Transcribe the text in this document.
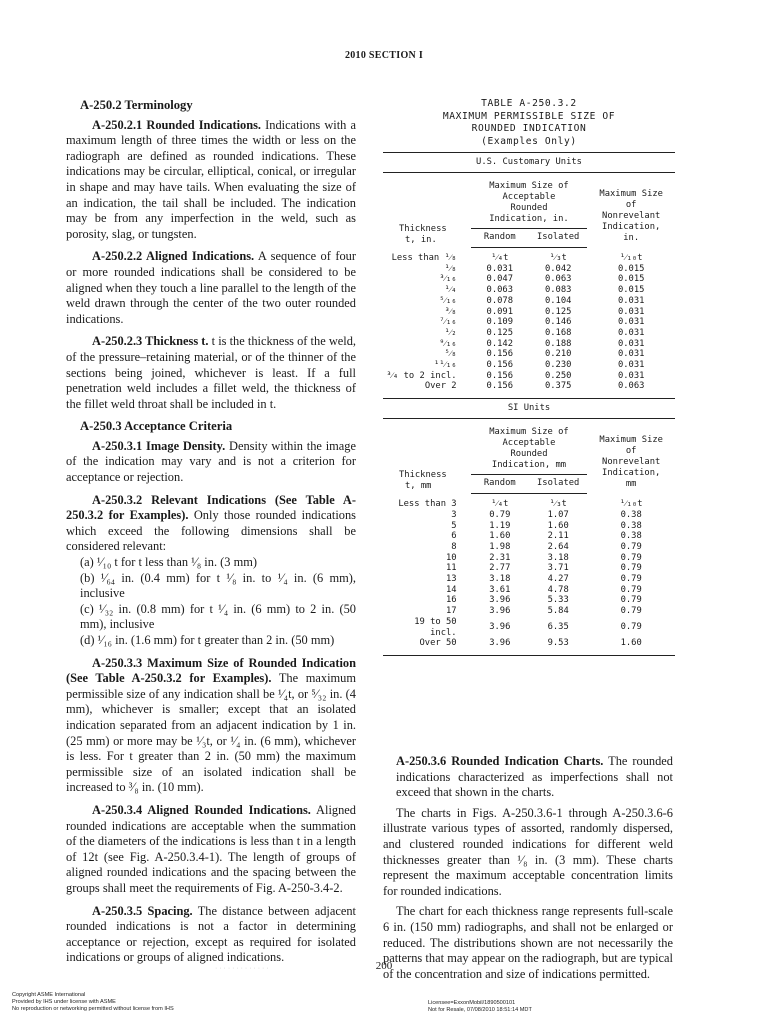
2010 SECTION I
A-250.2 Terminology

A-250.2.1 Rounded Indications. Indications with a maximum length of three times the width or less on the radiograph are defined as rounded indications. These indications may be circular, elliptical, conical, or irregular in shape and may have tails. When evaluating the size of an indication, the tail shall be included. The indication may be from any imperfection in the weld, such as porosity, slag, or tungsten.

A-250.2.2 Aligned Indications. A sequence of four or more rounded indications shall be considered to be aligned when they touch a line parallel to the length of the weld drawn through the center of the two outer rounded indications.

A-250.2.3 Thickness t. t is the thickness of the weld, of the pressure–retaining material, or of the thinner of the sections being joined, whichever is least. If a full penetration weld includes a fillet weld, the thickness of the fillet weld throat shall be included in t.

A-250.3 Acceptance Criteria

A-250.3.1 Image Density. Density within the image of the indication may vary and is not a criterion for acceptance or rejection.

A-250.3.2 Relevant Indications (See Table A-250.3.2 for Examples). Only those rounded indications which exceed the following dimensions shall be considered relevant:

(a) ¹⁄₁₀ t for t less than ¹⁄₈ in. (3 mm)

(b) ¹⁄₆₄ in. (0.4 mm) for t ¹⁄₈ in. to ¹⁄₄ in. (6 mm), inclusive

(c) ¹⁄₃₂ in. (0.8 mm) for t ¹⁄₄ in. (6 mm) to 2 in. (50 mm), inclusive

(d) ¹⁄₁₆ in. (1.6 mm) for t greater than 2 in. (50 mm)

A-250.3.3 Maximum Size of Rounded Indication (See Table A-250.3.2 for Examples). The maximum permissible size of any indication shall be ¹⁄₄t, or ⁵⁄₃₂ in. (4 mm), whichever is smaller; except that an isolated indication separated from an adjacent indication by 1 in. (25 mm) or more may be ¹⁄₃t, or ¹⁄₄ in. (6 mm), whichever is less. For t greater than 2 in. (50 mm) the maximum permissible size of an isolated indication shall be increased to ³⁄₈ in. (10 mm).

A-250.3.4 Aligned Rounded Indications. Aligned rounded indications are acceptable when the summation of the diameters of the indications is less than t in a length of 12t (see Fig. A-250.3.4-1). The length of groups of aligned rounded indications and the spacing between the groups shall meet the requirements of Fig. A-250-3.4-2.

A-250.3.5 Spacing. The distance between adjacent rounded indications is not a factor in determining acceptance or rejection, except as required for isolated indications or groups of aligned indications.

TABLE A-250.3.2
MAXIMUM PERMISSIBLE SIZE OF
ROUNDED INDICATION
(Examples Only)
U.S. Customary Units
Thickness
t, in.	Maximum Size of Acceptable Rounded Indication, in.		Maximum Size of Nonrevelant Indication, in.
	Random	Isolated	
Less than ¹⁄₈	¹⁄₄t	¹⁄₃t	¹⁄₁₀t
¹⁄₈	0.031	0.042	0.015
³⁄₁₆	0.047	0.063	0.015
¹⁄₄	0.063	0.083	0.015
⁵⁄₁₆	0.078	0.104	0.031
³⁄₈	0.091	0.125	0.031
⁷⁄₁₆	0.109	0.146	0.031
¹⁄₂	0.125	0.168	0.031
⁹⁄₁₆	0.142	0.188	0.031
⁵⁄₈	0.156	0.210	0.031
¹¹⁄₁₆	0.156	0.230	0.031
³⁄₄ to 2 incl.	0.156	0.250	0.031
Over 2	0.156	0.375	0.063
SI Units
Thickness
t, mm	Maximum Size of Acceptable Rounded Indication, mm		Maximum Size of Nonrevelant Indication, mm
	Random	Isolated	
Less than 3	¹⁄₄t	¹⁄₃t	¹⁄₁₀t
3	0.79	1.07	0.38
5	1.19	1.60	0.38
6	1.60	2.11	0.38
8	1.98	2.64	0.79
10	2.31	3.18	0.79
11	2.77	3.71	0.79
13	3.18	4.27	0.79
14	3.61	4.78	0.79
16	3.96	5.33	0.79
17	3.96	5.84	0.79
19 to 50 incl.	3.96	6.35	0.79
Over 50	3.96	9.53	1.60

A-250.3.6 Rounded Indication Charts. The rounded indications characterized as imperfections shall not exceed that shown in the charts.

The charts in Figs. A-250.3.6-1 through A-250.3.6-6 illustrate various types of assorted, randomly dispersed, and clustered rounded indications for different weld thicknesses greater than ¹⁄₈ in. (3 mm). These charts represent the maximum acceptable concentration limits for rounded indications.

The chart for each thickness range represents full-scale 6 in. (150 mm) radiographs, and shall not be enlarged or reduced. The distributions shown are not necessarily the patterns that may appear on the radiograph, but are typical of the concentration and size of indications permitted.

· · · · · · · · · · · · ·	200
Copyright ASME International
Provided by IHS under license with ASME
No reproduction or networking permitted without license from IHS
Licensee=ExxonMobil/1890500101
Not for Resale, 07/08/2010 18:51:14 MDT
